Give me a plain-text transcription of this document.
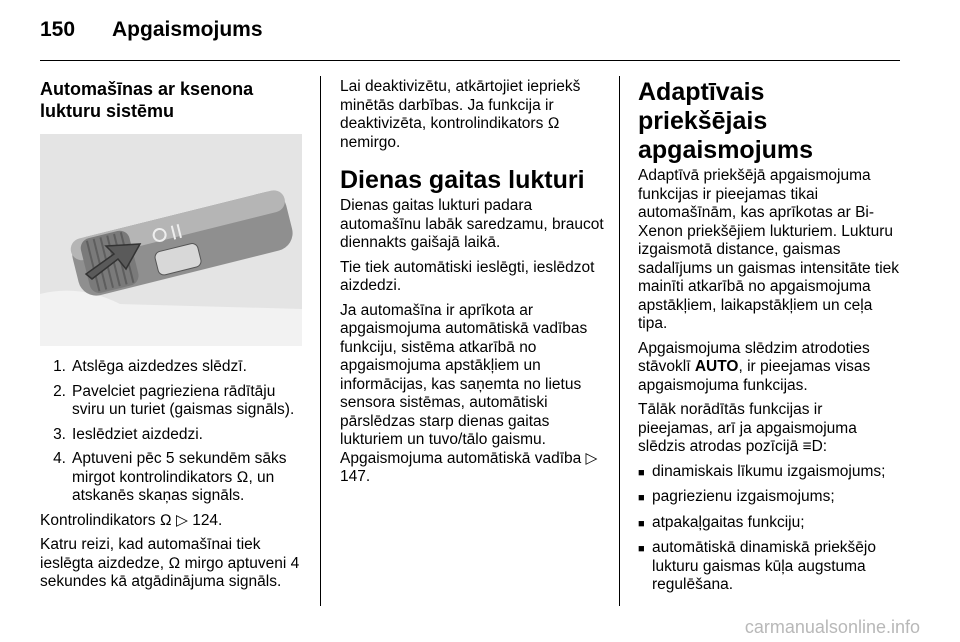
150	Apgaismojums
Automašīnas ar ksenona lukturu sistēmu
1. Atslēga aizdedzes slēdzī.
2. Pavelciet pagrieziena rādītāju sviru un turiet (gaismas signāls).
3. Ieslēdziet aizdedzi.
4. Aptuveni pēc 5 sekundēm sāks mirgot kontrolindikators Ω, un atskanēs skaņas signāls.

Kontrolindikators Ω ▷ 124.

Katru reizi, kad automašīnai tiek ieslēgta aizdedze, Ω mirgo aptuveni 4 sekundes kā atgādinājuma signāls.

Lai deaktivizētu, atkārtojiet iepriekš minētās darbības. Ja funkcija ir deaktivizēta, kontrolindikators Ω nemirgo.

Dienas gaitas lukturi

Dienas gaitas lukturi padara automašīnu labāk saredzamu, braucot diennakts gaišajā laikā.

Tie tiek automātiski ieslēgti, ieslēdzot aizdedzi.

Ja automašīna ir aprīkota ar apgaismojuma automātiskā vadības funkciju, sistēma atkarībā no apgaismojuma apstākļiem un informācijas, kas saņemta no lietus sensora sistēmas, automātiski pārslēdzas starp dienas gaitas lukturiem un tuvo/tālo gaismu. Apgaismojuma automātiskā vadība ▷ 147.

Adaptīvais priekšējais apgaismojums

Adaptīvā priekšējā apgaismojuma funkcijas ir pieejamas tikai automašīnām, kas aprīkotas ar Bi-Xenon priekšējiem lukturiem. Lukturu izgaismotā distance, gaismas sadalījums un gaismas intensitāte tiek mainīti atkarībā no apgaismojuma apstākļiem, laikapstākļiem un ceļa tipa.

Apgaismojuma slēdzim atrodoties stāvoklī AUTO, ir pieejamas visas apgaismojuma funkcijas.

Tālāk norādītās funkcijas ir pieejamas, arī ja apgaismojuma slēdzis atrodas pozīcijā ≡D:

■ dinamiskais līkumu izgaismojums;
■ pagriezienu izgaismojums;
■ atpakaļgaitas funkciju;
■ automātiskā dinamiskā priekšējo lukturu gaismas kūļa augstuma regulēšana.
carmanualsonline.info
